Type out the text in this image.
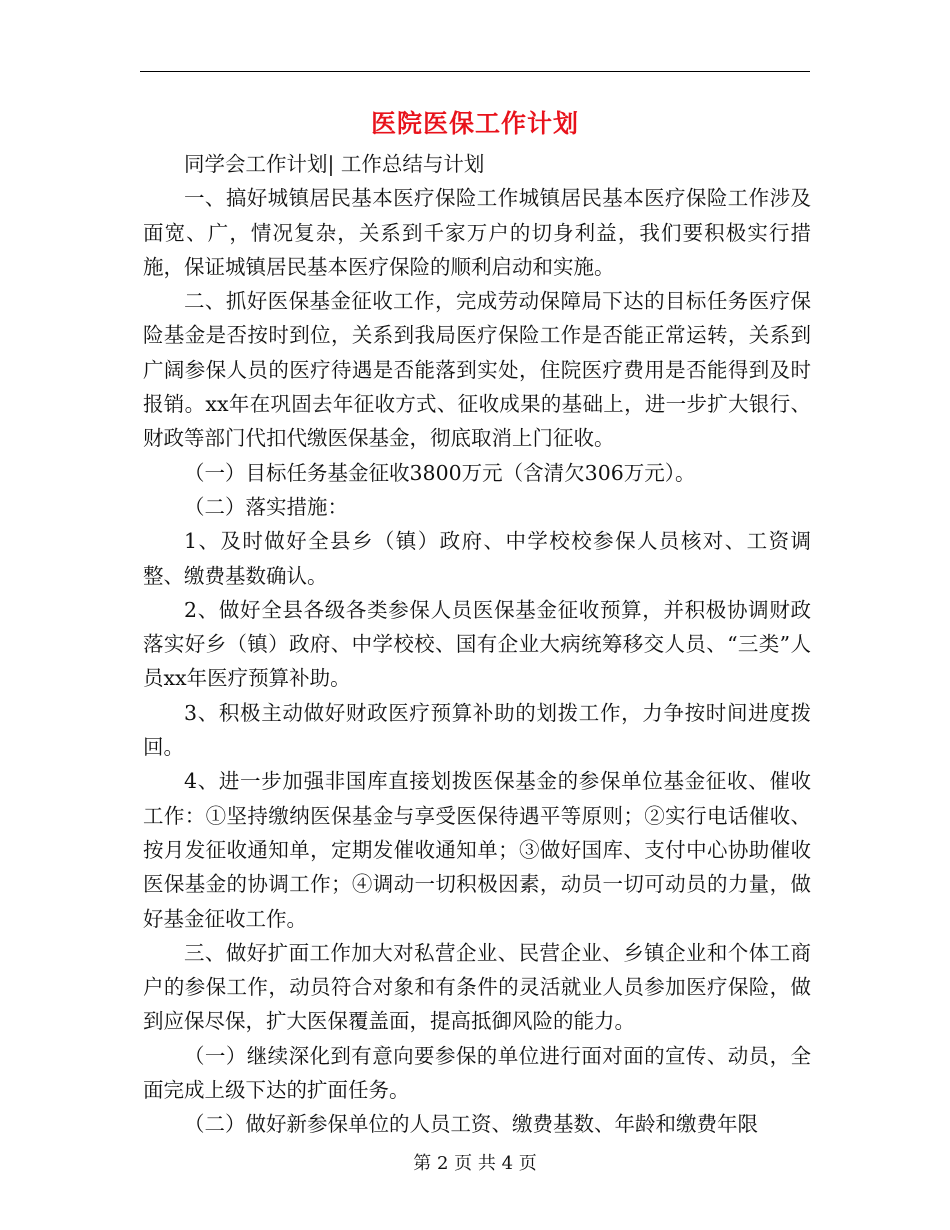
医院医保工作计划

同学会工作计划| 工作总结与计划

一、搞好城镇居民基本医疗保险工作城镇居民基本医疗保险工作涉及面宽、广，情况复杂，关系到千家万户的切身利益，我们要积极实行措施，保证城镇居民基本医疗保险的顺利启动和实施。

二、抓好医保基金征收工作，完成劳动保障局下达的目标任务医疗保险基金是否按时到位，关系到我局医疗保险工作是否能正常运转，关系到广阔参保人员的医疗待遇是否能落到实处，住院医疗费用是否能得到及时报销。xx年在巩固去年征收方式、征收成果的基础上，进一步扩大银行、财政等部门代扣代缴医保基金，彻底取消上门征收。

（一）目标任务基金征收3800万元（含清欠306万元）。

（二）落实措施：

1、及时做好全县乡（镇）政府、中学校校参保人员核对、工资调整、缴费基数确认。

2、做好全县各级各类参保人员医保基金征收预算，并积极协调财政落实好乡（镇）政府、中学校校、国有企业大病统筹移交人员、“三类”人员xx年医疗预算补助。

3、积极主动做好财政医疗预算补助的划拨工作，力争按时间进度拨回。

4、进一步加强非国库直接划拨医保基金的参保单位基金征收、催收工作：①坚持缴纳医保基金与享受医保待遇平等原则；②实行电话催收、按月发征收通知单，定期发催收通知单；③做好国库、支付中心协助催收医保基金的协调工作；④调动一切积极因素，动员一切可动员的力量，做好基金征收工作。

三、做好扩面工作加大对私营企业、民营企业、乡镇企业和个体工商户的参保工作，动员符合对象和有条件的灵活就业人员参加医疗保险，做到应保尽保，扩大医保覆盖面，提高抵御风险的能力。

（一）继续深化到有意向要参保的单位进行面对面的宣传、动员，全面完成上级下达的扩面任务。

（二）做好新参保单位的人员工资、缴费基数、年龄和缴费年限

第 2 页 共 4 页
